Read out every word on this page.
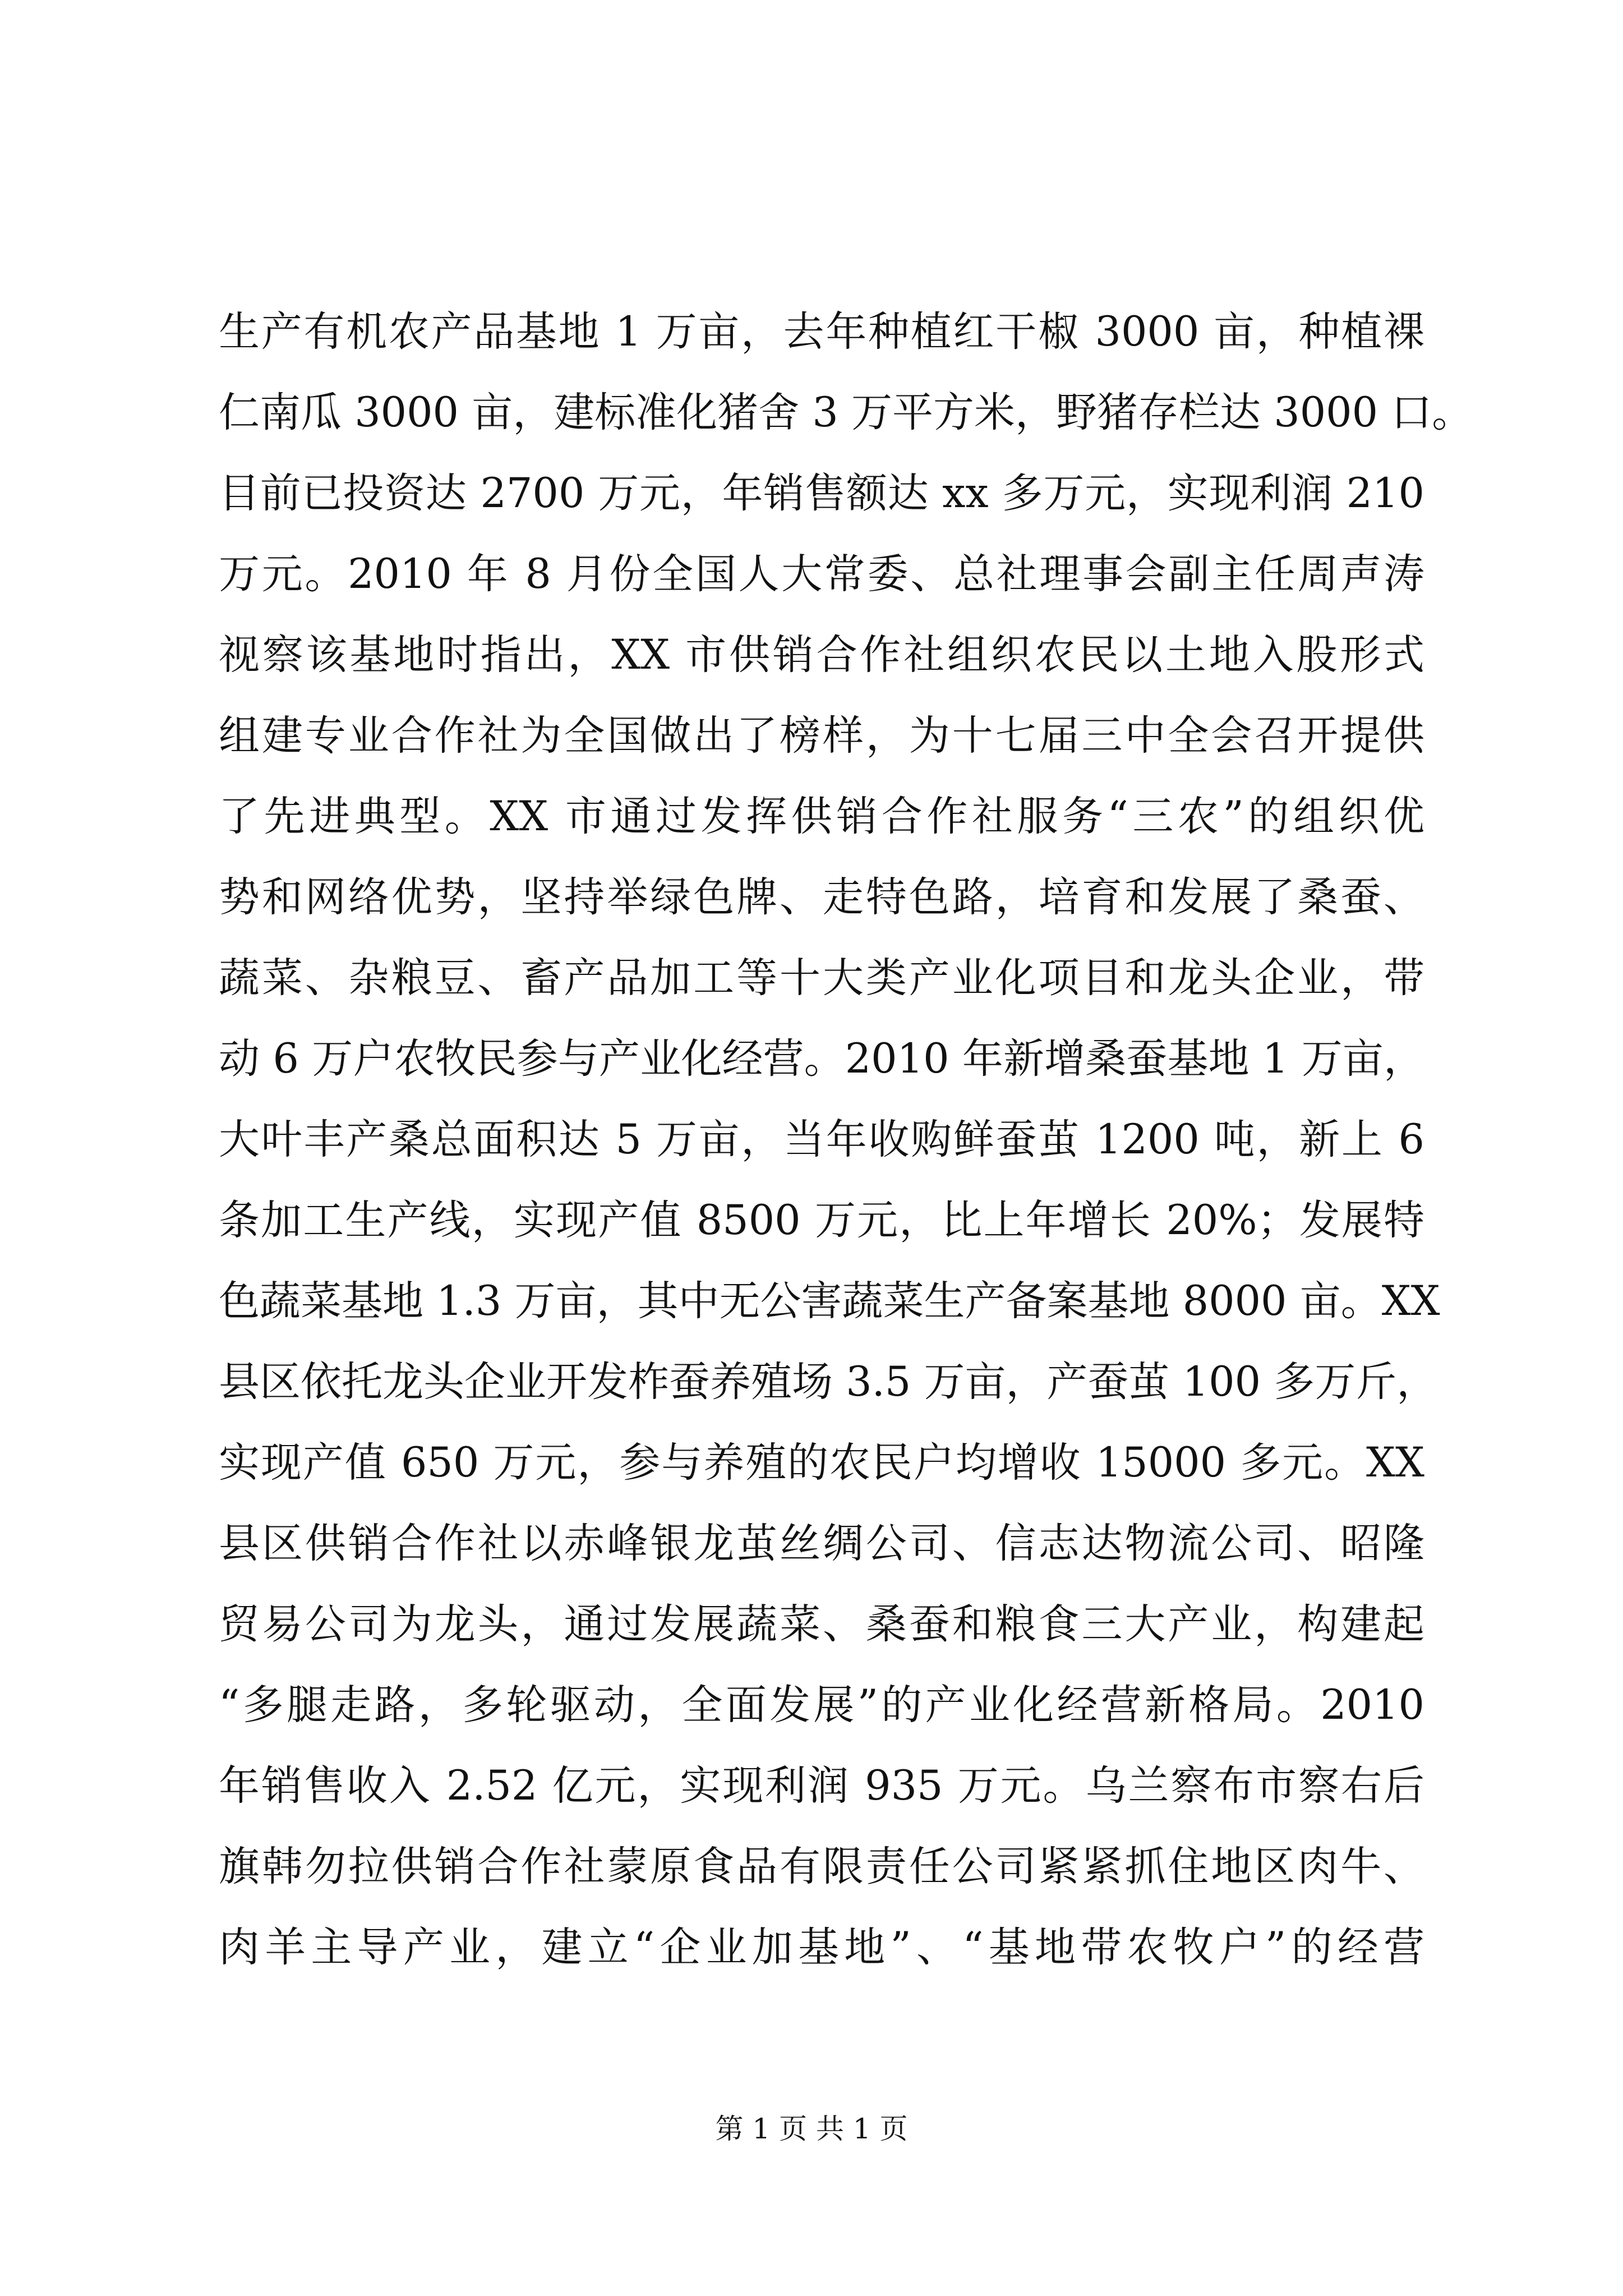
生产有机农产品基地 1 万亩，去年种植红干椒 3000 亩，种植裸
仁南瓜 3000 亩，建标准化猪舍 3 万平方米，野猪存栏达 3000 口。
目前已投资达 2700 万元，年销售额达 xx 多万元，实现利润 210
万元。2010 年 8 月份全国人大常委、总社理事会副主任周声涛
视察该基地时指出，XX 市供销合作社组织农民以土地入股形式
组建专业合作社为全国做出了榜样，为十七届三中全会召开提供
了先进典型。XX 市通过发挥供销合作社服务“三农”的组织优
势和网络优势，坚持举绿色牌、走特色路，培育和发展了桑蚕、
蔬菜、杂粮豆、畜产品加工等十大类产业化项目和龙头企业，带
动 6 万户农牧民参与产业化经营。2010 年新增桑蚕基地 1 万亩，
大叶丰产桑总面积达 5 万亩，当年收购鲜蚕茧 1200 吨，新上 6
条加工生产线，实现产值 8500 万元，比上年增长 20%；发展特
色蔬菜基地 1.3 万亩，其中无公害蔬菜生产备案基地 8000 亩。XX
县区依托龙头企业开发柞蚕养殖场 3.5 万亩，产蚕茧 100 多万斤，
实现产值 650 万元，参与养殖的农民户均增收 15000 多元。XX
县区供销合作社以赤峰银龙茧丝绸公司、信志达物流公司、昭隆
贸易公司为龙头，通过发展蔬菜、桑蚕和粮食三大产业，构建起
“多腿走路，多轮驱动，全面发展”的产业化经营新格局。2010
年销售收入 2.52 亿元，实现利润 935 万元。乌兰察布市察右后
旗韩勿拉供销合作社蒙原食品有限责任公司紧紧抓住地区肉牛、
肉羊主导产业，建立“企业加基地”、“基地带农牧户”的经营
第 1 页 共 1 页
